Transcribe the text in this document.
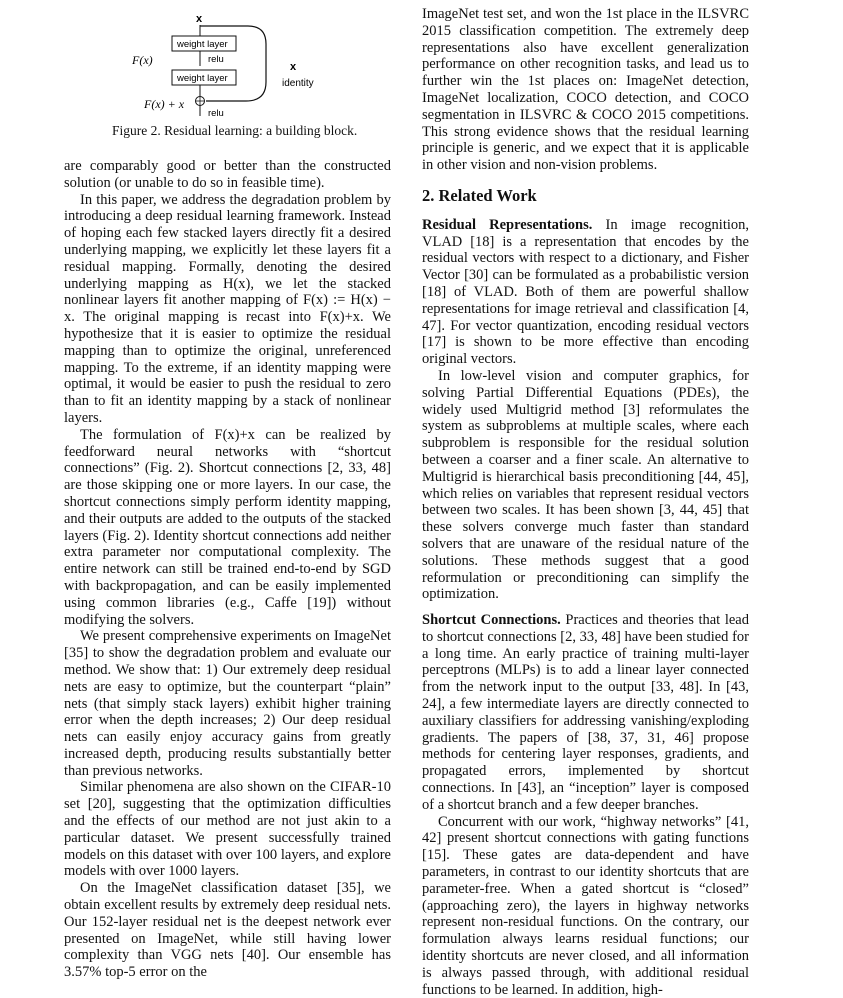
x
weight layer
relu
weight layer
relu
x
identity
F(x)
F(x) + x
Figure 2. Residual learning: a building block.

are comparably good or better than the constructed solution (or unable to do so in feasible time).

In this paper, we address the degradation problem by introducing a deep residual learning framework. Instead of hoping each few stacked layers directly fit a desired underlying mapping, we explicitly let these layers fit a residual mapping. Formally, denoting the desired underlying mapping as H(x), we let the stacked nonlinear layers fit another mapping of F(x) := H(x) − x. The original mapping is recast into F(x)+x. We hypothesize that it is easier to optimize the residual mapping than to optimize the original, unreferenced mapping. To the extreme, if an identity mapping were optimal, it would be easier to push the residual to zero than to fit an identity mapping by a stack of nonlinear layers.

The formulation of F(x)+x can be realized by feedforward neural networks with “shortcut connections” (Fig. 2). Shortcut connections [2, 33, 48] are those skipping one or more layers. In our case, the shortcut connections simply perform identity mapping, and their outputs are added to the outputs of the stacked layers (Fig. 2). Identity shortcut connections add neither extra parameter nor computational complexity. The entire network can still be trained end-to-end by SGD with backpropagation, and can be easily implemented using common libraries (e.g., Caffe [19]) without modifying the solvers.

We present comprehensive experiments on ImageNet [35] to show the degradation problem and evaluate our method. We show that: 1) Our extremely deep residual nets are easy to optimize, but the counterpart “plain” nets (that simply stack layers) exhibit higher training error when the depth increases; 2) Our deep residual nets can easily enjoy accuracy gains from greatly increased depth, producing results substantially better than previous networks.

Similar phenomena are also shown on the CIFAR-10 set [20], suggesting that the optimization difficulties and the effects of our method are not just akin to a particular dataset. We present successfully trained models on this dataset with over 100 layers, and explore models with over 1000 layers.

On the ImageNet classification dataset [35], we obtain excellent results by extremely deep residual nets. Our 152-layer residual net is the deepest network ever presented on ImageNet, while still having lower complexity than VGG nets [40]. Our ensemble has 3.57% top-5 error on the

ImageNet test set, and won the 1st place in the ILSVRC 2015 classification competition. The extremely deep representations also have excellent generalization performance on other recognition tasks, and lead us to further win the 1st places on: ImageNet detection, ImageNet localization, COCO detection, and COCO segmentation in ILSVRC & COCO 2015 competitions. This strong evidence shows that the residual learning principle is generic, and we expect that it is applicable in other vision and non-vision problems.

2. Related Work

Residual Representations. In image recognition, VLAD [18] is a representation that encodes by the residual vectors with respect to a dictionary, and Fisher Vector [30] can be formulated as a probabilistic version [18] of VLAD. Both of them are powerful shallow representations for image retrieval and classification [4, 47]. For vector quantization, encoding residual vectors [17] is shown to be more effective than encoding original vectors.

In low-level vision and computer graphics, for solving Partial Differential Equations (PDEs), the widely used Multigrid method [3] reformulates the system as subproblems at multiple scales, where each subproblem is responsible for the residual solution between a coarser and a finer scale. An alternative to Multigrid is hierarchical basis preconditioning [44, 45], which relies on variables that represent residual vectors between two scales. It has been shown [3, 44, 45] that these solvers converge much faster than standard solvers that are unaware of the residual nature of the solutions. These methods suggest that a good reformulation or preconditioning can simplify the optimization.

Shortcut Connections. Practices and theories that lead to shortcut connections [2, 33, 48] have been studied for a long time. An early practice of training multi-layer perceptrons (MLPs) is to add a linear layer connected from the network input to the output [33, 48]. In [43, 24], a few intermediate layers are directly connected to auxiliary classifiers for addressing vanishing/exploding gradients. The papers of [38, 37, 31, 46] propose methods for centering layer responses, gradients, and propagated errors, implemented by shortcut connections. In [43], an “inception” layer is composed of a shortcut branch and a few deeper branches.

Concurrent with our work, “highway networks” [41, 42] present shortcut connections with gating functions [15]. These gates are data-dependent and have parameters, in contrast to our identity shortcuts that are parameter-free. When a gated shortcut is “closed” (approaching zero), the layers in highway networks represent non-residual functions. On the contrary, our formulation always learns residual functions; our identity shortcuts are never closed, and all information is always passed through, with additional residual functions to be learned. In addition, high-
